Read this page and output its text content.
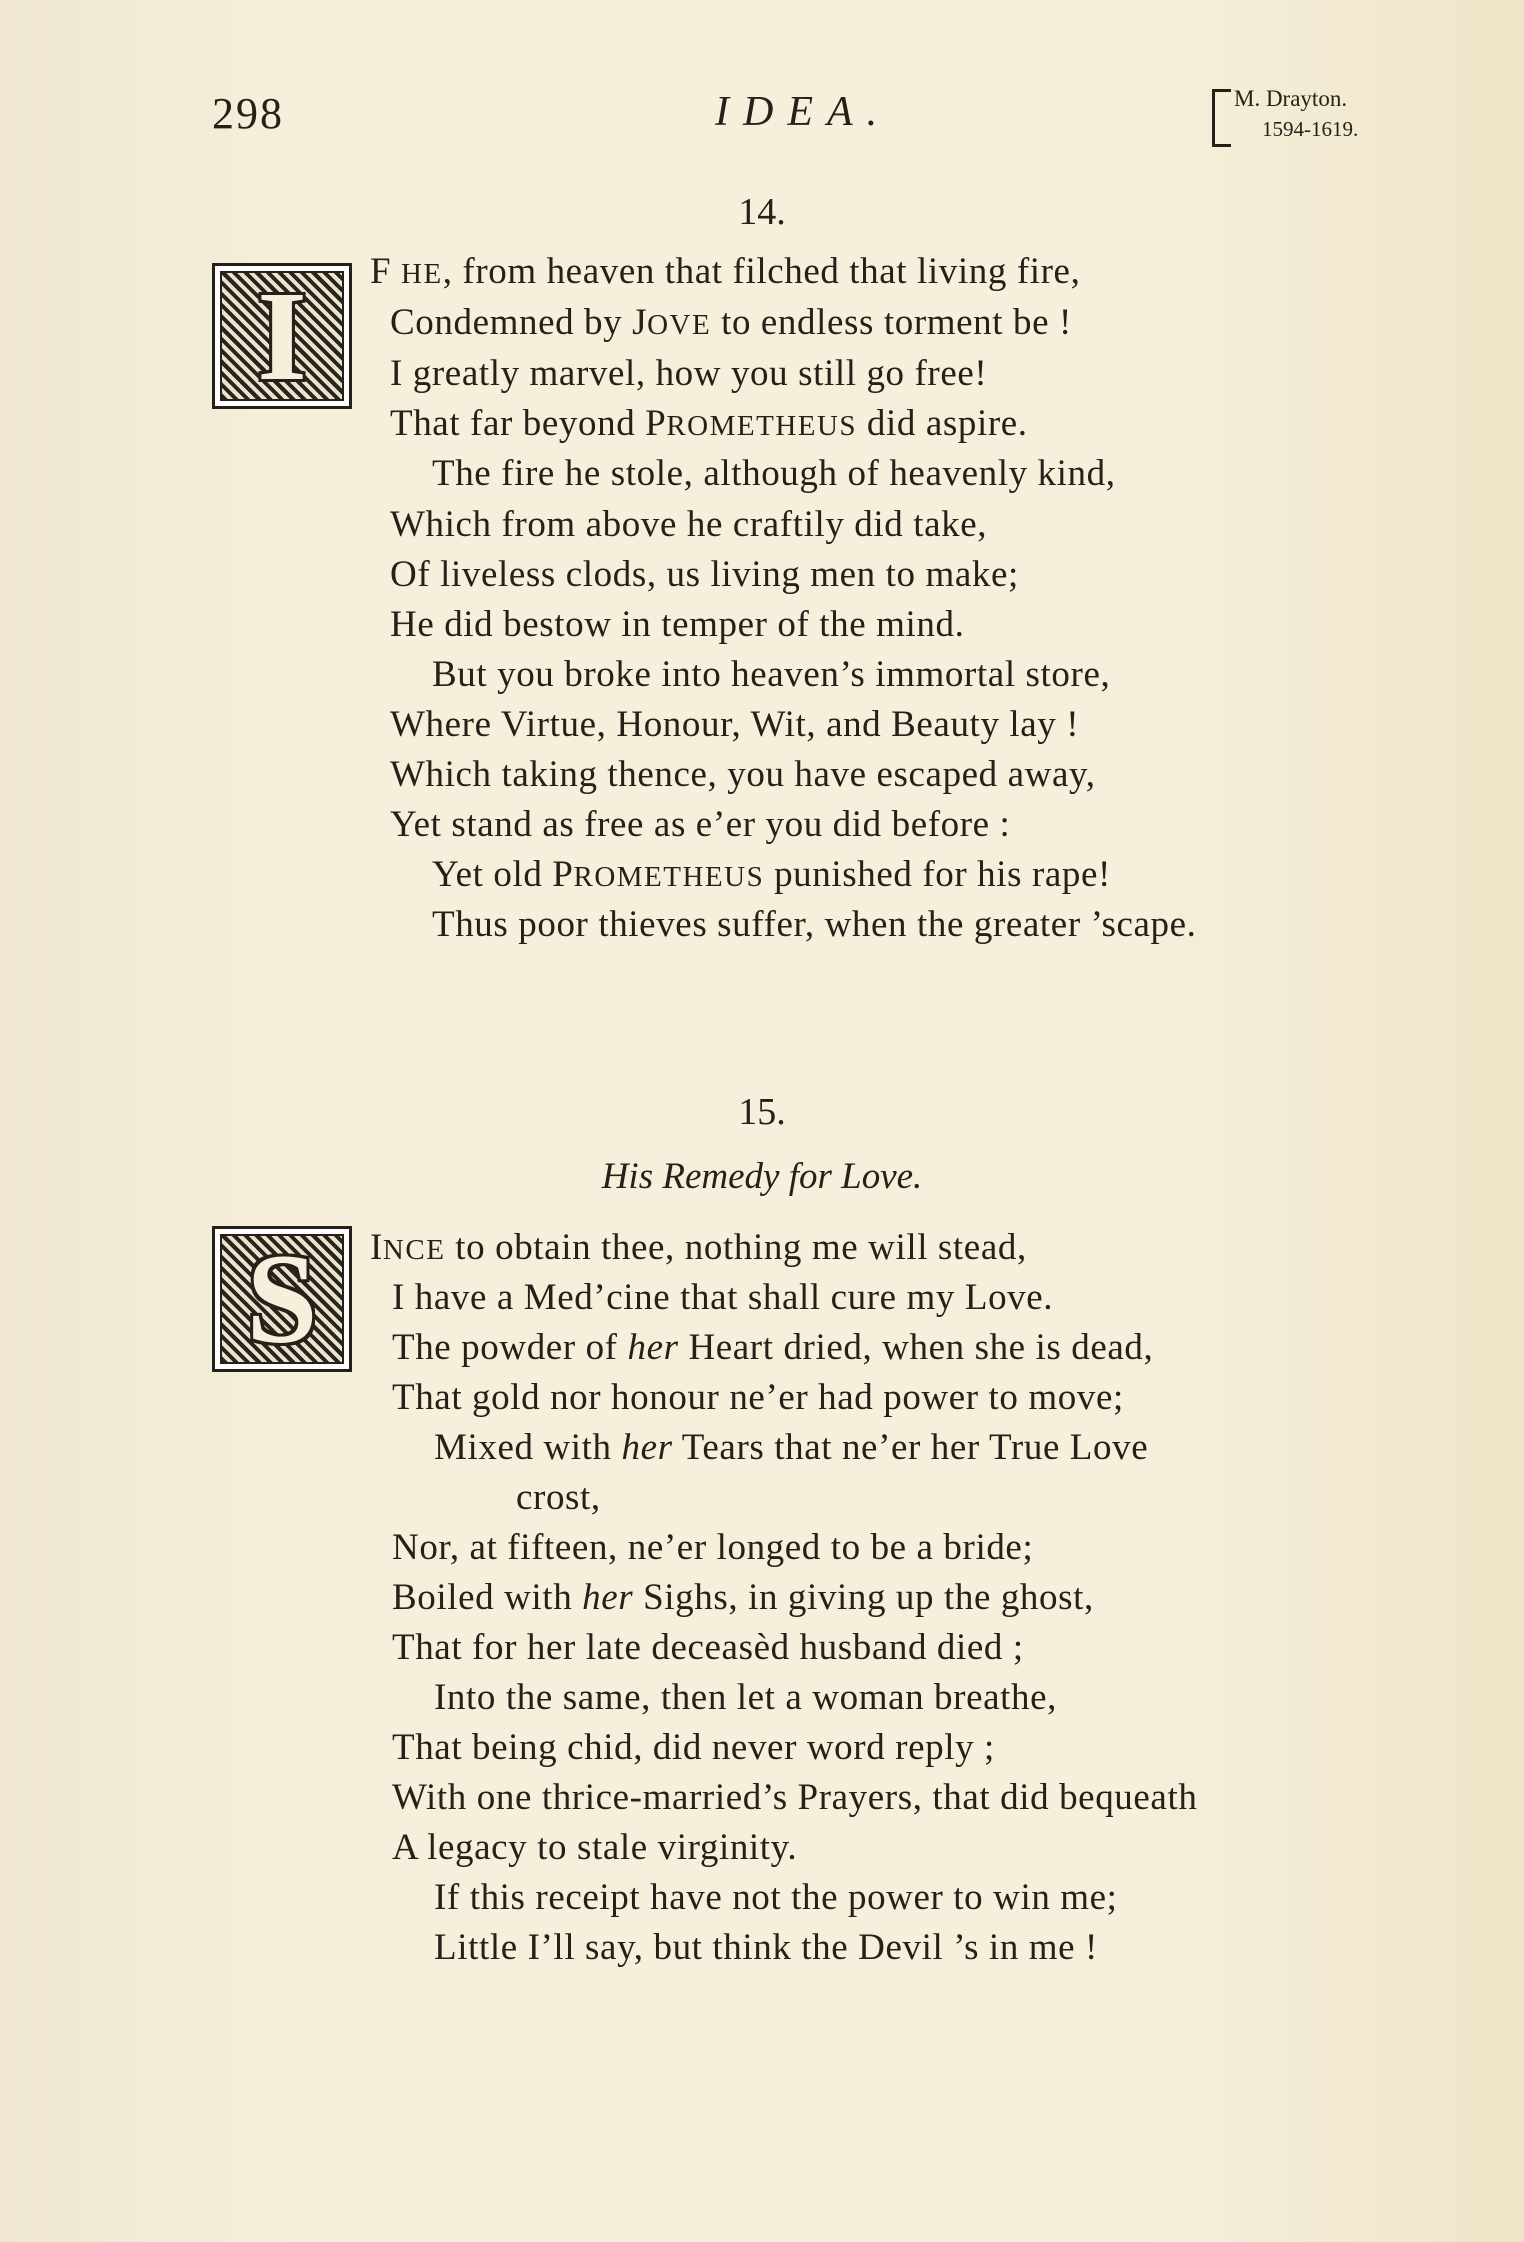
298	IDEA.	M. Drayton.
1594-1619.
14.
I	F HE, from heaven that filched that living fire,
Condemned by JOVE to endless torment be !
I greatly marvel, how you still go free!
That far beyond PROMETHEUS did aspire.
The fire he stole, although of heavenly kind,
Which from above he craftily did take,
Of liveless clods, us living men to make;
He did bestow in temper of the mind.
But you broke into heaven’s immortal store,
Where Virtue, Honour, Wit, and Beauty lay !
Which taking thence, you have escaped away,
Yet stand as free as e’er you did before :
Yet old PROMETHEUS punished for his rape!
Thus poor thieves suffer, when the greater ’scape.
15.
His Remedy for Love.
S	INCE to obtain thee, nothing me will stead,
I have a Med’cine that shall cure my Love.
The powder of her Heart dried, when she is dead,
That gold nor honour ne’er had power to move;
Mixed with her Tears that ne’er her True Love
crost,
Nor, at fifteen, ne’er longed to be a bride;
Boiled with her Sighs, in giving up the ghost,
That for her late deceasèd husband died ;
Into the same, then let a woman breathe,
That being chid, did never word reply ;
With one thrice-married’s Prayers, that did bequeath
A legacy to stale virginity.
If this receipt have not the power to win me;
Little I’ll say, but think the Devil ’s in me !
